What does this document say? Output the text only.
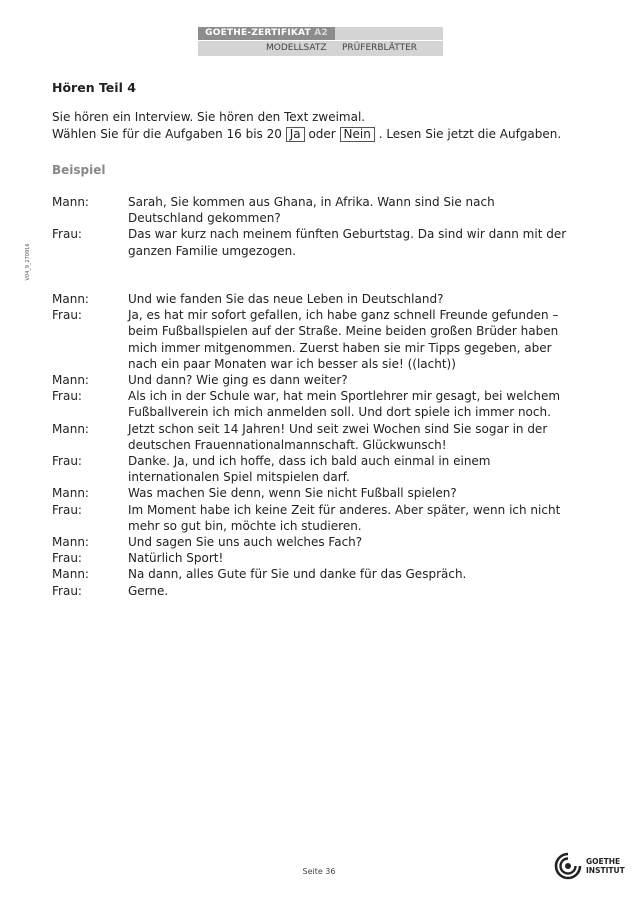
GOETHE-ZERTIFIKAT A2
MODELLSATZ PRÜFERBLÄTTER
V04_9_270916
Hören Teil 4
Sie hören ein Interview. Sie hören den Text zweimal.
Wählen Sie für die Aufgaben 16 bis 20 Ja oder Nein . Lesen Sie jetzt die Aufgaben.
Beispiel
Mann:	Sarah, Sie kommen aus Ghana, in Afrika. Wann sind Sie nach Deutschland gekommen?
Frau:	Das war kurz nach meinem fünften Geburtstag. Da sind wir dann mit der ganzen Familie umgezogen.
Mann:	Und wie fanden Sie das neue Leben in Deutschland?
Frau:	Ja, es hat mir sofort gefallen, ich habe ganz schnell Freunde gefunden – beim Fußballspielen auf der Straße. Meine beiden großen Brüder haben mich immer mitgenommen. Zuerst haben sie mir Tipps gegeben, aber nach ein paar Monaten war ich besser als sie! ((lacht))
Mann:	Und dann? Wie ging es dann weiter?
Frau:	Als ich in der Schule war, hat mein Sportlehrer mir gesagt, bei welchem Fußballverein ich mich anmelden soll. Und dort spiele ich immer noch.
Mann:	Jetzt schon seit 14 Jahren! Und seit zwei Wochen sind Sie sogar in der deutschen Frauennationalmannschaft. Glückwunsch!
Frau:	Danke. Ja, und ich hoffe, dass ich bald auch einmal in einem internationalen Spiel mitspielen darf.
Mann:	Was machen Sie denn, wenn Sie nicht Fußball spielen?
Frau:	Im Moment habe ich keine Zeit für anderes. Aber später, wenn ich nicht mehr so gut bin, möchte ich studieren.
Mann:	Und sagen Sie uns auch welches Fach?
Frau:	Natürlich Sport!
Mann:	Na dann, alles Gute für Sie und danke für das Gespräch.
Frau:	Gerne.
Seite 36
GOETHE
INSTITUT
